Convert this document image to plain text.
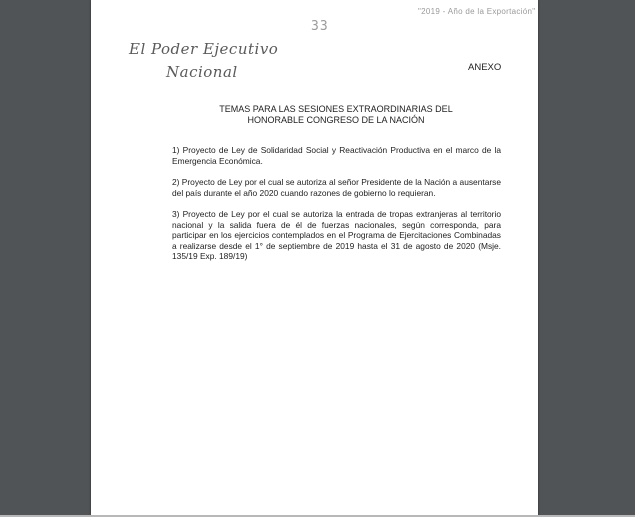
"2019 - Año de la Exportación"
33
El Poder Ejecutivo
Nacional	ANEXO
TEMAS PARA LAS SESIONES EXTRAORDINARIAS DEL
HONORABLE CONGRESO DE LA NACIÓN

1) Proyecto de Ley de Solidaridad Social y Reactivación Productiva en el marco de la Emergencia Económica.

2) Proyecto de Ley por el cual se autoriza al señor Presidente de la Nación a ausentarse del país durante el año 2020 cuando razones de gobierno lo requieran.

3) Proyecto de Ley por el cual se autoriza la entrada de tropas extranjeras al territorio nacional y la salida fuera de él de fuerzas nacionales, según corresponda, para participar en los ejercicios contemplados en el Programa de Ejercitaciones Combinadas a realizarse desde el 1° de septiembre de 2019 hasta el 31 de agosto de 2020 (Msje. 135/19 Exp. 189/19)
